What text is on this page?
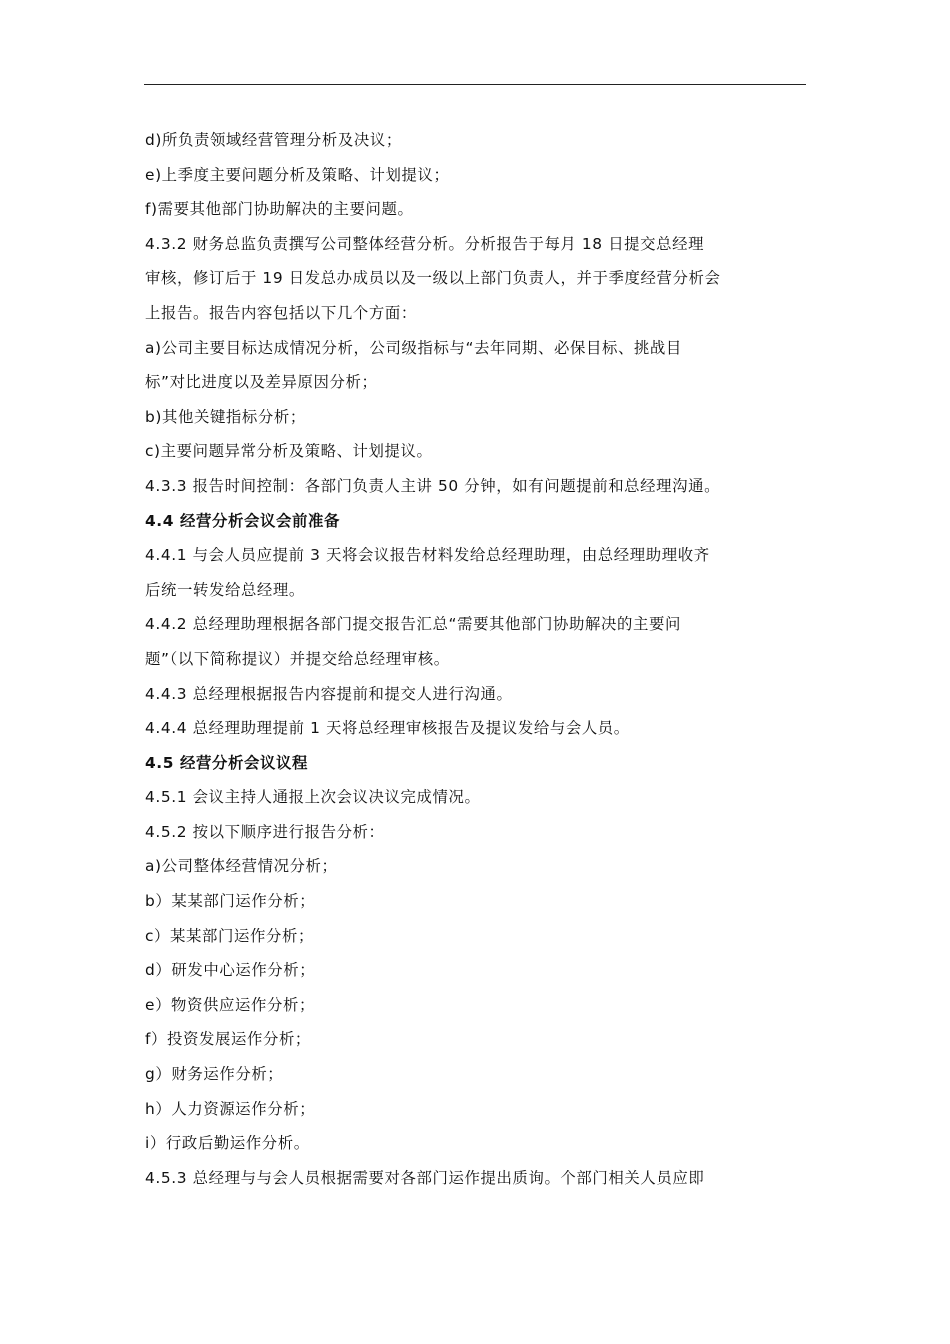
d)所负责领域经营管理分析及决议；
e)上季度主要问题分析及策略、计划提议；
f)需要其他部门协助解决的主要问题。
4.3.2 财务总监负责撰写公司整体经营分析。分析报告于每月 18 日提交总经理
审核，修订后于 19 日发总办成员以及一级以上部门负责人，并于季度经营分析会
上报告。报告内容包括以下几个方面：
a)公司主要目标达成情况分析，公司级指标与“去年同期、必保目标、挑战目
标”对比进度以及差异原因分析；
b)其他关键指标分析；
c)主要问题异常分析及策略、计划提议。
4.3.3 报告时间控制：各部门负责人主讲 50 分钟，如有问题提前和总经理沟通。
4.4 经营分析会议会前准备
4.4.1 与会人员应提前 3 天将会议报告材料发给总经理助理，由总经理助理收齐
后统一转发给总经理。
4.4.2 总经理助理根据各部门提交报告汇总“需要其他部门协助解决的主要问
题”（以下简称提议）并提交给总经理审核。
4.4.3 总经理根据报告内容提前和提交人进行沟通。
4.4.4 总经理助理提前 1 天将总经理审核报告及提议发给与会人员。
4.5 经营分析会议议程
4.5.1 会议主持人通报上次会议决议完成情况。
4.5.2 按以下顺序进行报告分析：
a)公司整体经营情况分析；
b）某某部门运作分析；
c）某某部门运作分析；
d）研发中心运作分析；
e）物资供应运作分析；
f）投资发展运作分析；
g）财务运作分析；
h）人力资源运作分析；
i）行政后勤运作分析。
4.5.3 总经理与与会人员根据需要对各部门运作提出质询。个部门相关人员应即
